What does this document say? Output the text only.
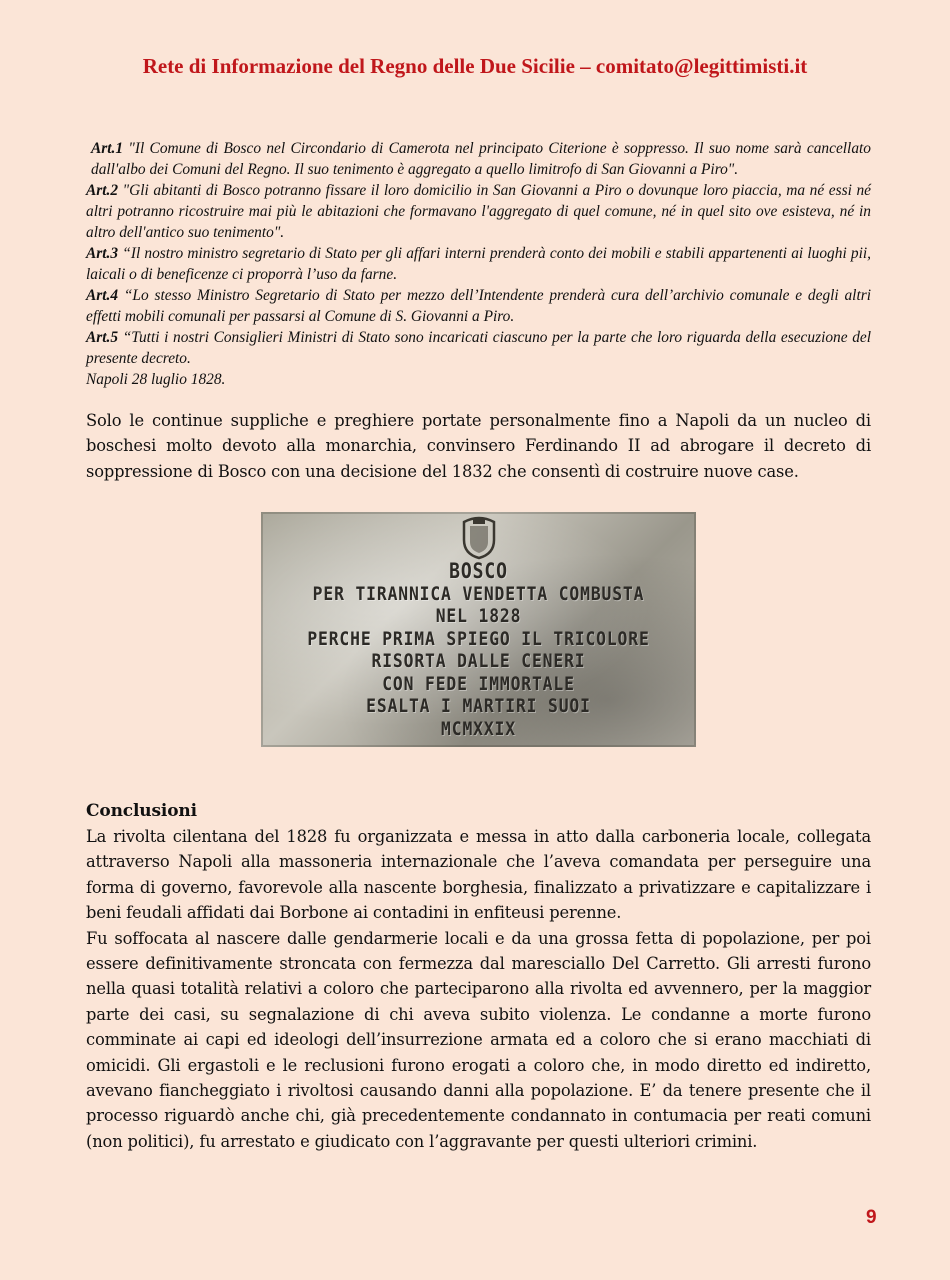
Rete di Informazione del Regno delle Due Sicilie – comitato@legittimisti.it

Art.1 "Il Comune di Bosco nel Circondario di Camerota nel principato Citerione è soppresso. Il suo nome sarà cancellato dall'albo dei Comuni del Regno. Il suo tenimento è aggregato a quello limitrofo di San Giovanni a Piro".

Art.2 "Gli abitanti di Bosco potranno fissare il loro domicilio in San Giovanni a Piro o dovunque loro piaccia, ma né essi né altri potranno ricostruire mai più le abitazioni che formavano l'aggregato di quel comune, né in quel sito ove esisteva, né in altro dell'antico suo tenimento".

Art.3 “Il nostro ministro segretario di Stato per gli affari interni prenderà conto dei mobili e stabili appartenenti ai luoghi pii, laicali o di beneficenze ci proporrà l’uso da farne.

Art.4 “Lo stesso Ministro Segretario di Stato per mezzo dell’Intendente prenderà cura dell’archivio comunale e degli altri effetti mobili comunali per passarsi al Comune di S. Giovanni a Piro.

Art.5 “Tutti i nostri Consiglieri Ministri di Stato sono incaricati ciascuno per la parte che loro riguarda della esecuzione del presente decreto.

Napoli 28 luglio 1828.

Solo le continue suppliche e preghiere portate personalmente fino a Napoli da un nucleo di boschesi molto devoto alla monarchia, convinsero Ferdinando II ad abrogare il decreto di soppressione di Bosco con una decisione del 1832 che consentì di costruire nuove case.

BOSCO
PER TIRANNICA VENDETTA COMBUSTA
NEL 1828
PERCHE PRIMA SPIEGO IL TRICOLORE
RISORTA DALLE CENERI
CON FEDE IMMORTALE
ESALTA I MARTIRI SUOI
MCMXXIX
Conclusioni

La rivolta cilentana del 1828 fu organizzata e messa in atto dalla carboneria locale, collegata attraverso Napoli alla massoneria internazionale che l’aveva comandata per perseguire una forma di governo, favorevole alla nascente borghesia, finalizzato a privatizzare e capitalizzare i beni feudali affidati dai Borbone ai contadini in enfiteusi perenne.

Fu soffocata al nascere dalle gendarmerie locali e da una grossa fetta di popolazione, per poi essere definitivamente stroncata con fermezza dal maresciallo Del Carretto. Gli arresti furono nella quasi totalità relativi a coloro che parteciparono alla rivolta ed avvennero, per la maggior parte dei casi, su segnalazione di chi aveva subito violenza. Le condanne a morte furono comminate ai capi ed ideologi dell’insurrezione armata ed a coloro che si erano macchiati di omicidi. Gli ergastoli e le reclusioni furono erogati a coloro che, in modo diretto ed indiretto, avevano fiancheggiato i rivoltosi causando danni alla popolazione. E’ da tenere presente che il processo riguardò anche chi, già precedentemente condannato in contumacia per reati comuni (non politici), fu arrestato e giudicato con l’aggravante per questi ulteriori crimini.

9
